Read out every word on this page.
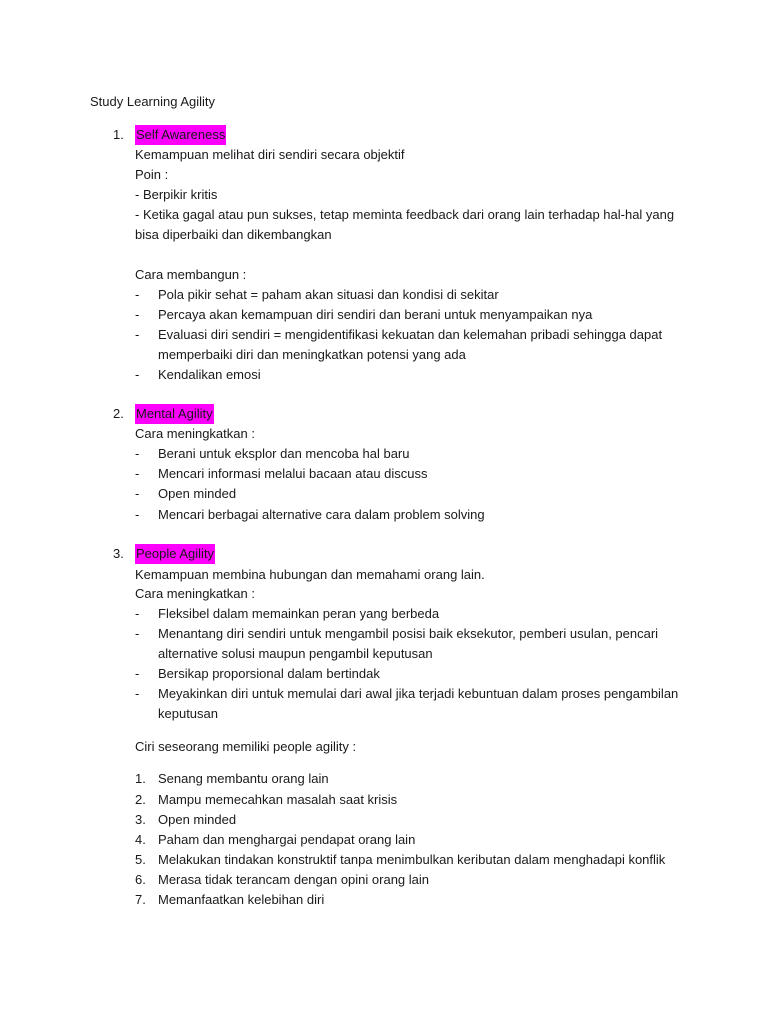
Study Learning Agility
1. Self Awareness
Kemampuan melihat diri sendiri secara objektif
Poin :
- Berpikir kritis
- Ketika gagal atau pun sukses, tetap meminta feedback dari orang lain terhadap hal-hal yang
bisa diperbaiki dan dikembangkan
Cara membangun :
- Pola pikir sehat = paham akan situasi dan kondisi di sekitar
- Percaya akan kemampuan diri sendiri dan berani untuk menyampaikan nya
- Evaluasi diri sendiri = mengidentifikasi kekuatan dan kelemahan pribadi sehingga dapat
memperbaiki diri dan meningkatkan potensi yang ada
- Kendalikan emosi
2. Mental Agility
Cara meningkatkan :
- Berani untuk eksplor dan mencoba hal baru
- Mencari informasi melalui bacaan atau discuss
- Open minded
- Mencari berbagai alternative cara dalam problem solving
3. People Agility
Kemampuan membina hubungan dan memahami orang lain.
Cara meningkatkan :
- Fleksibel dalam memainkan peran yang berbeda
- Menantang diri sendiri untuk mengambil posisi baik eksekutor, pemberi usulan, pencari
alternative solusi maupun pengambil keputusan
- Bersikap proporsional dalam bertindak
- Meyakinkan diri untuk memulai dari awal jika terjadi kebuntuan dalam proses pengambilan
keputusan
Ciri seseorang memiliki people agility :
1. Senang membantu orang lain
2. Mampu memecahkan masalah saat krisis
3. Open minded
4. Paham dan menghargai pendapat orang lain
5. Melakukan tindakan konstruktif tanpa menimbulkan keributan dalam menghadapi konflik
6. Merasa tidak terancam dengan opini orang lain
7. Memanfaatkan kelebihan diri
